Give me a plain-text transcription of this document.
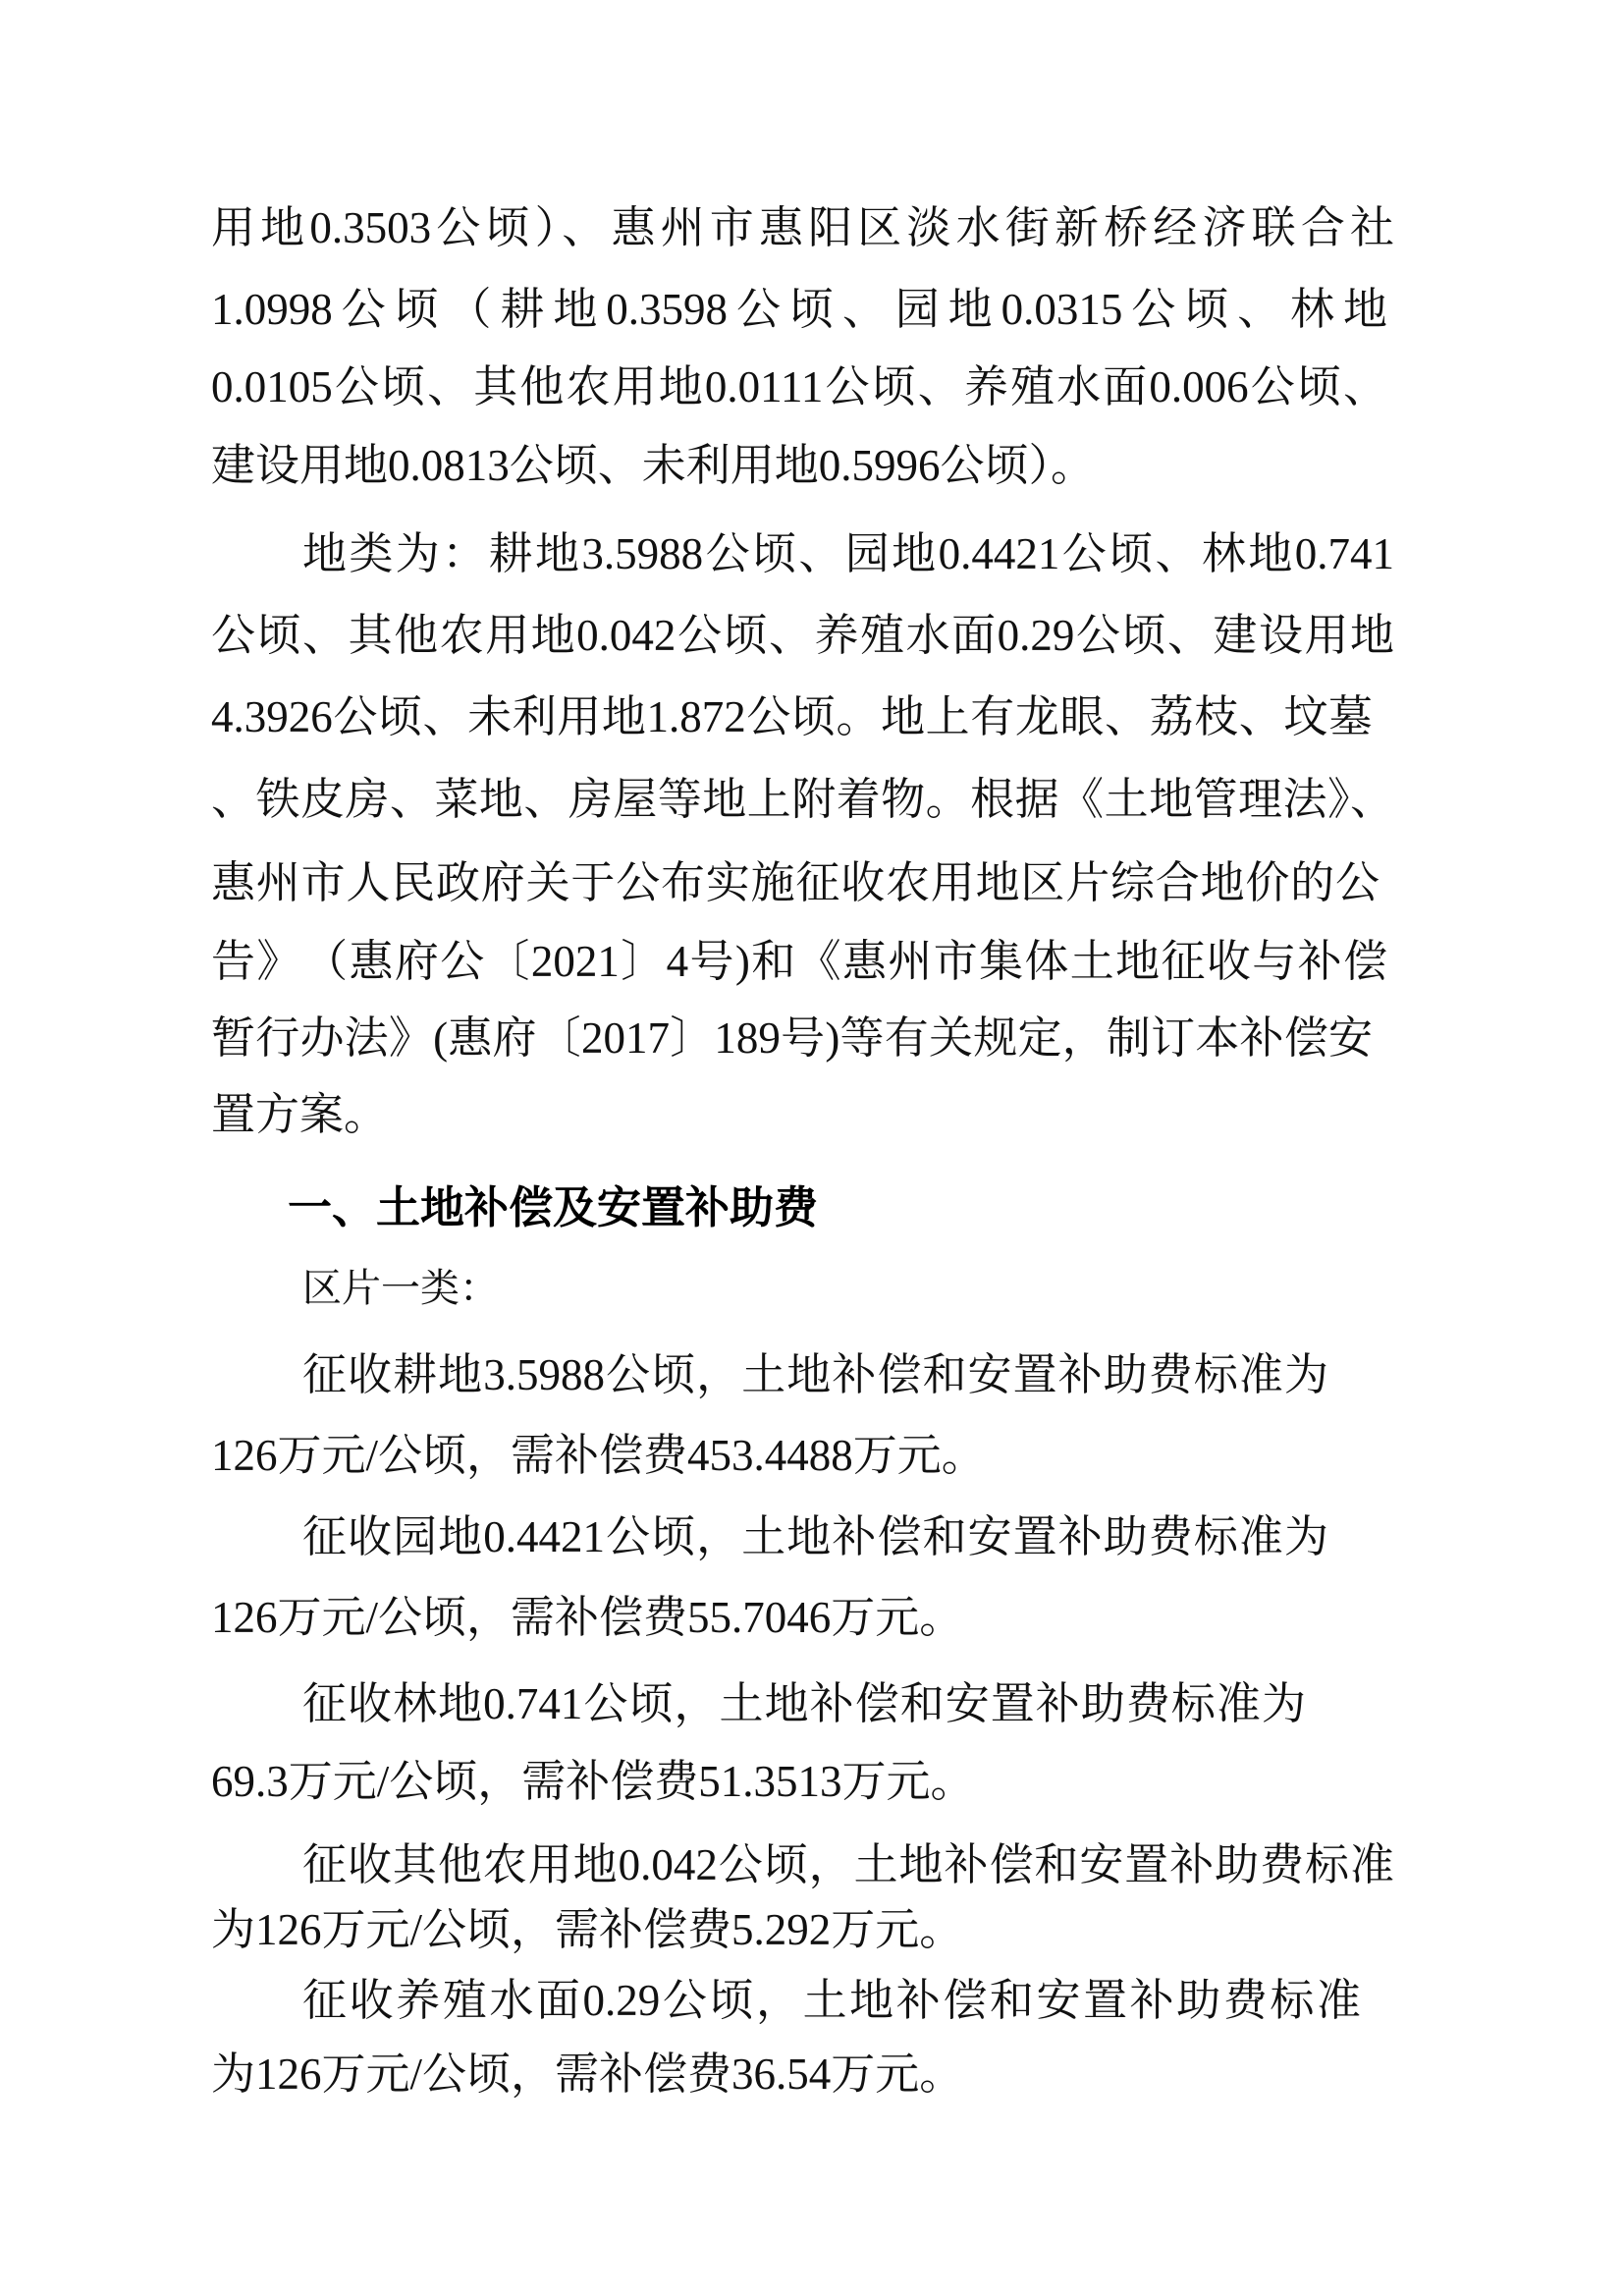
用地0.3503公顷）、惠州市惠阳区淡水街新桥经济联合社
1.0998公顷（耕地0.3598公顷、园地0.0315公顷、林地
0.0105公顷、其他农用地0.0111公顷、养殖水面0.006公顷、
建设用地0.0813公顷、未利用地0.5996公顷）。
地类为：耕地3.5988公顷、园地0.4421公顷、林地0.741
公顷、其他农用地0.042公顷、养殖水面0.29公顷、建设用地
4.3926公顷、未利用地1.872公顷。地上有龙眼、荔枝、坟墓
、铁皮房、菜地、房屋等地上附着物。根据《土地管理法》、
惠州市人民政府关于公布实施征收农用地区片综合地价的公
告》　（惠府公〔2021〕4号)和《惠州市集体土地征收与补偿
暂行办法》(惠府〔2017〕189号)等有关规定，制订本补偿安
置方案。
一、土地补偿及安置补助费
区片一类：
征收耕地3.5988公顷，土地补偿和安置补助费标准为
126万元/公顷，需补偿费453.4488万元。
征收园地0.4421公顷，土地补偿和安置补助费标准为
126万元/公顷，需补偿费55.7046万元。
征收林地0.741公顷，土地补偿和安置补助费标准为
69.3万元/公顷，需补偿费51.3513万元。
征收其他农用地0.042公顷，土地补偿和安置补助费标准
为126万元/公顷，需补偿费5.292万元。
征收养殖水面0.29公顷，土地补偿和安置补助费标准
为126万元/公顷，需补偿费36.54万元。
